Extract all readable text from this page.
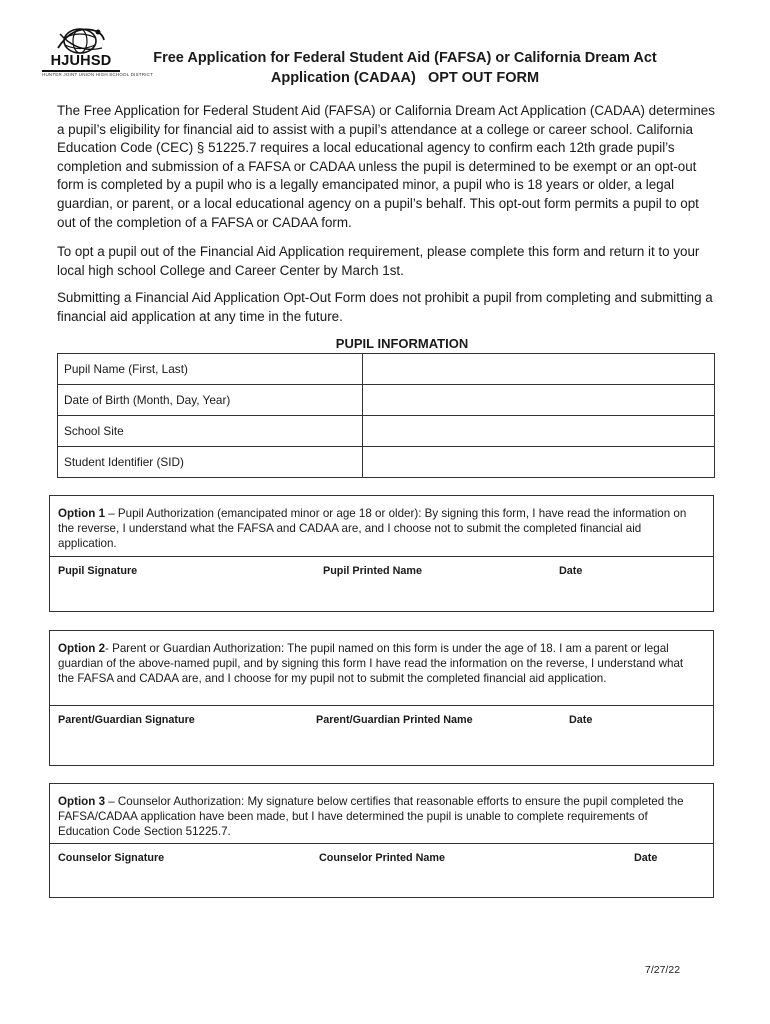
HJUHSD
HUNTER JOINT UNION HIGH SCHOOL DISTRICT
Free Application for Federal Student Aid (FAFSA) or California Dream Act
Application (CADAA)   OPT OUT FORM

The Free Application for Federal Student Aid (FAFSA) or California Dream Act Application (CADAA) determines a pupil’s eligibility for financial aid to assist with a pupil’s attendance at a college or career school. California Education Code (CEC) § 51225.7 requires a local educational agency to confirm each 12th grade pupil’s completion and submission of a FAFSA or CADAA unless the pupil is determined to be exempt or an opt-out form is completed by a pupil who is a legally emancipated minor, a pupil who is 18 years or older, a legal guardian, or parent, or a local educational agency on a pupil’s behalf. This opt-out form permits a pupil to opt out of the completion of a FAFSA or CADAA form.

To opt a pupil out of the Financial Aid Application requirement, please complete this form and return it to your local high school College and Career Center by March 1st.

Submitting a Financial Aid Application Opt-Out Form does not prohibit a pupil from completing and submitting a financial aid application at any time in the future.

PUPIL INFORMATION
Pupil Name (First, Last)	
Date of Birth (Month, Day, Year)	
School Site	
Student Identifier (SID)	
Option 1 – Pupil Authorization (emancipated minor or age 18 or older): By signing this form, I have read the information on the reverse, I understand what the FAFSA and CADAA are, and I choose not to submit the completed financial aid application.
Pupil Signature	Pupil Printed Name	Date
Option 2- Parent or Guardian Authorization: The pupil named on this form is under the age of 18. I am a parent or legal guardian of the above-named pupil, and by signing this form I have read the information on the reverse, I understand what the FAFSA and CADAA are, and I choose for my pupil not to submit the completed financial aid application.
Parent/Guardian Signature	Parent/Guardian Printed Name	Date
Option 3 – Counselor Authorization: My signature below certifies that reasonable efforts to ensure the pupil completed the FAFSA/CADAA application have been made, but I have determined the pupil is unable to complete requirements of Education Code Section 51225.7.
Counselor Signature	Counselor Printed Name	Date
7/27/22
